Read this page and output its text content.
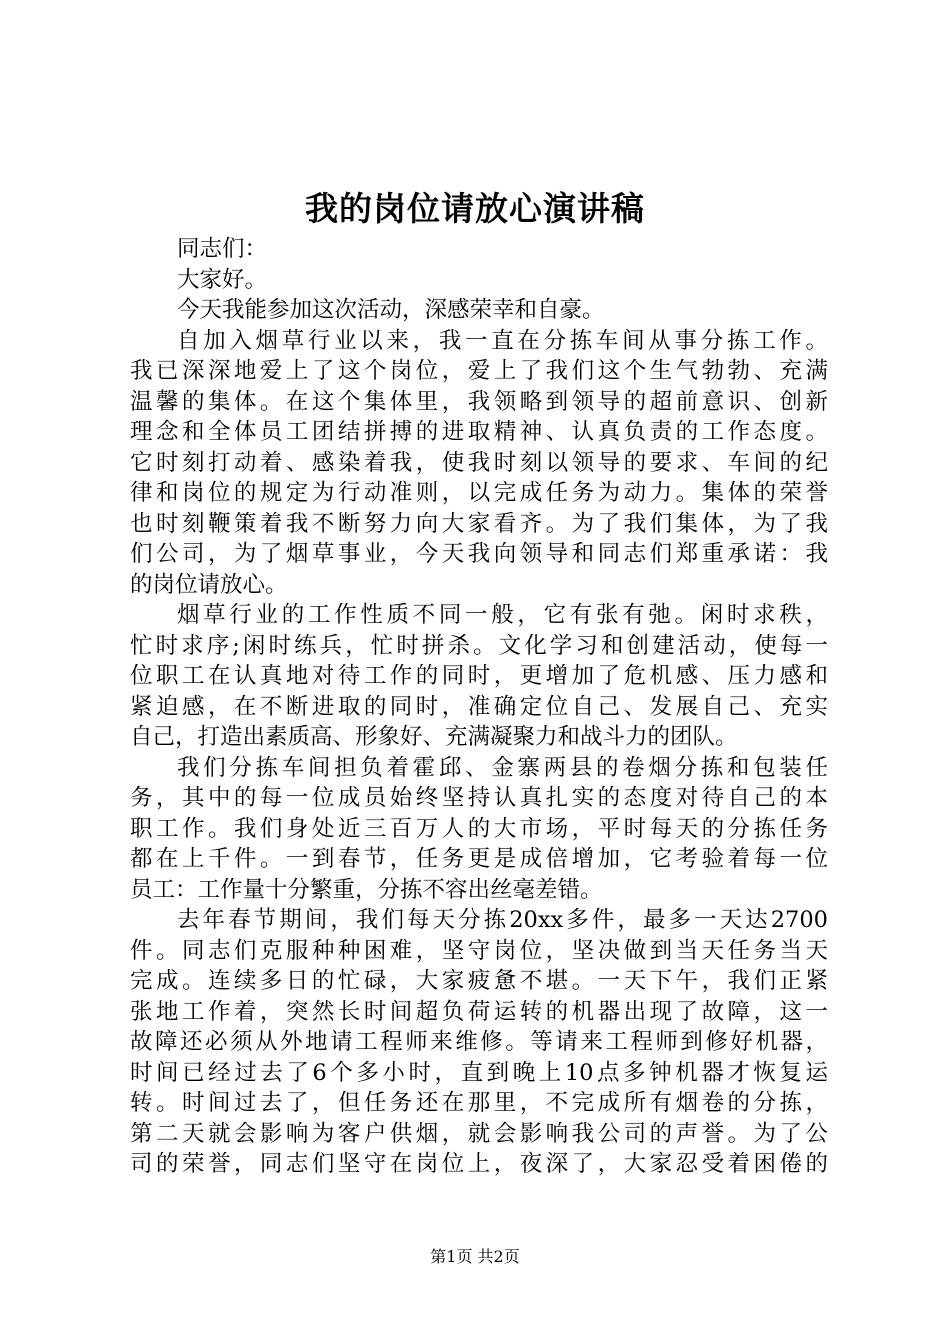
我的岗位请放心演讲稿
同志们：
大家好。
今天我能参加这次活动，深感荣幸和自豪。
自加入烟草行业以来，我一直在分拣车间从事分拣工作。
我已深深地爱上了这个岗位，爱上了我们这个生气勃勃、充满
温馨的集体。在这个集体里，我领略到领导的超前意识、创新
理念和全体员工团结拼搏的进取精神、认真负责的工作态度。
它时刻打动着、感染着我，使我时刻以领导的要求、车间的纪
律和岗位的规定为行动准则，以完成任务为动力。集体的荣誉
也时刻鞭策着我不断努力向大家看齐。为了我们集体，为了我
们公司，为了烟草事业，今天我向领导和同志们郑重承诺：我
的岗位请放心。
烟草行业的工作性质不同一般，它有张有弛。闲时求秩，
忙时求序;闲时练兵，忙时拼杀。文化学习和创建活动，使每一
位职工在认真地对待工作的同时，更增加了危机感、压力感和
紧迫感，在不断进取的同时，准确定位自己、发展自己、充实
自己，打造出素质高、形象好、充满凝聚力和战斗力的团队。
我们分拣车间担负着霍邱、金寨两县的卷烟分拣和包装任
务，其中的每一位成员始终坚持认真扎实的态度对待自己的本
职工作。我们身处近三百万人的大市场，平时每天的分拣任务
都在上千件。一到春节，任务更是成倍增加，它考验着每一位
员工：工作量十分繁重，分拣不容出丝毫差错。
去年春节期间，我们每天分拣20xx多件，最多一天达2700
件。同志们克服种种困难，坚守岗位，坚决做到当天任务当天
完成。连续多日的忙碌，大家疲惫不堪。一天下午，我们正紧
张地工作着，突然长时间超负荷运转的机器出现了故障，这一
故障还必须从外地请工程师来维修。等请来工程师到修好机器，
时间已经过去了6个多小时，直到晚上10点多钟机器才恢复运
转。时间过去了，但任务还在那里，不完成所有烟卷的分拣，
第二天就会影响为客户供烟，就会影响我公司的声誉。为了公
司的荣誉，同志们坚守在岗位上，夜深了，大家忍受着困倦的
第1页 共2页
